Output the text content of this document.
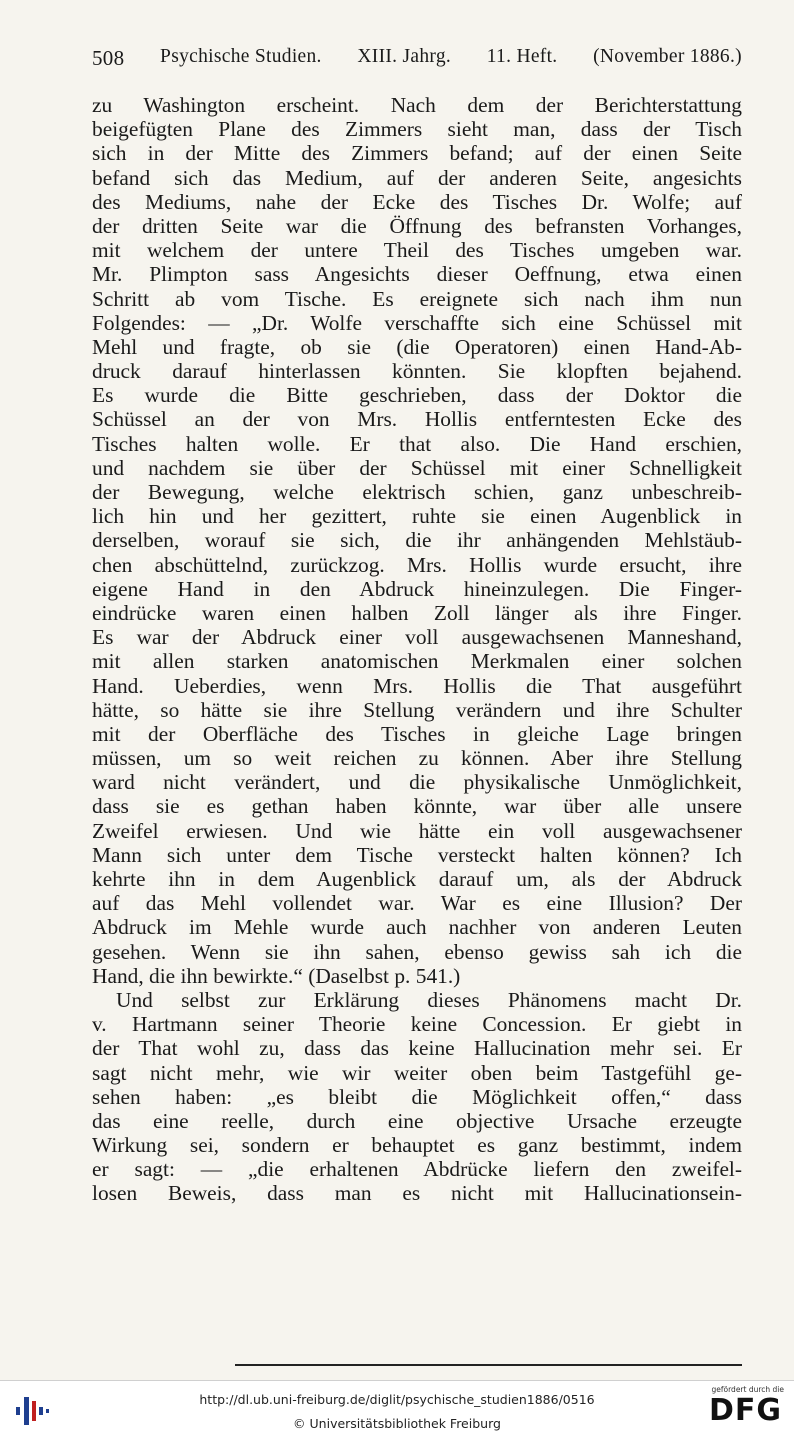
508 Psychische Studien. XIII. Jahrg. 11. Heft. (November 1886.)
zu Washington erscheint. Nach dem der Berichterstattung
beigefügten Plane des Zimmers sieht man, dass der Tisch
sich in der Mitte des Zimmers befand; auf der einen Seite
befand sich das Medium, auf der anderen Seite, angesichts
des Mediums, nahe der Ecke des Tisches Dr. Wolfe; auf
der dritten Seite war die Öffnung des befransten Vorhanges,
mit welchem der untere Theil des Tisches umgeben war.
Mr. Plimpton sass Angesichts dieser Oeffnung, etwa einen
Schritt ab vom Tische. Es ereignete sich nach ihm nun
Folgendes: — „Dr. Wolfe verschaffte sich eine Schüssel mit
Mehl und fragte, ob sie (die Operatoren) einen Hand-Ab-
druck darauf hinterlassen könnten. Sie klopften bejahend.
Es wurde die Bitte geschrieben, dass der Doktor die
Schüssel an der von Mrs. Hollis entferntesten Ecke des
Tisches halten wolle. Er that also. Die Hand erschien,
und nachdem sie über der Schüssel mit einer Schnelligkeit
der Bewegung, welche elektrisch schien, ganz unbeschreib-
lich hin und her gezittert, ruhte sie einen Augenblick in
derselben, worauf sie sich, die ihr anhängenden Mehlstäub-
chen abschüttelnd, zurückzog. Mrs. Hollis wurde ersucht, ihre
eigene Hand in den Abdruck hineinzulegen. Die Finger-
eindrücke waren einen halben Zoll länger als ihre Finger.
Es war der Abdruck einer voll ausgewachsenen Manneshand,
mit allen starken anatomischen Merkmalen einer solchen
Hand. Ueberdies, wenn Mrs. Hollis die That ausgeführt
hätte, so hätte sie ihre Stellung verändern und ihre Schulter
mit der Oberfläche des Tisches in gleiche Lage bringen
müssen, um so weit reichen zu können. Aber ihre Stellung
ward nicht verändert, und die physikalische Unmöglichkeit,
dass sie es gethan haben könnte, war über alle unsere
Zweifel erwiesen. Und wie hätte ein voll ausgewachsener
Mann sich unter dem Tische versteckt halten können? Ich
kehrte ihn in dem Augenblick darauf um, als der Abdruck
auf das Mehl vollendet war. War es eine Illusion? Der
Abdruck im Mehle wurde auch nachher von anderen Leuten
gesehen. Wenn sie ihn sahen, ebenso gewiss sah ich die
Hand, die ihn bewirkte.“ (Daselbst p. 541.)
Und selbst zur Erklärung dieses Phänomens macht Dr.
v. Hartmann seiner Theorie keine Concession. Er giebt in
der That wohl zu, dass das keine Hallucination mehr sei. Er
sagt nicht mehr, wie wir weiter oben beim Tastgefühl ge-
sehen haben: „es bleibt die Möglichkeit offen,“ dass
das eine reelle, durch eine objective Ursache erzeugte
Wirkung sei, sondern er behauptet es ganz bestimmt, indem
er sagt: — „die erhaltenen Abdrücke liefern den zweifel-
losen Beweis, dass man es nicht mit Hallucinationsein-
http://dl.ub.uni-freiburg.de/diglit/psychische_studien1886/0516
© Universitätsbibliothek Freiburg
gefördert durch die
DFG
